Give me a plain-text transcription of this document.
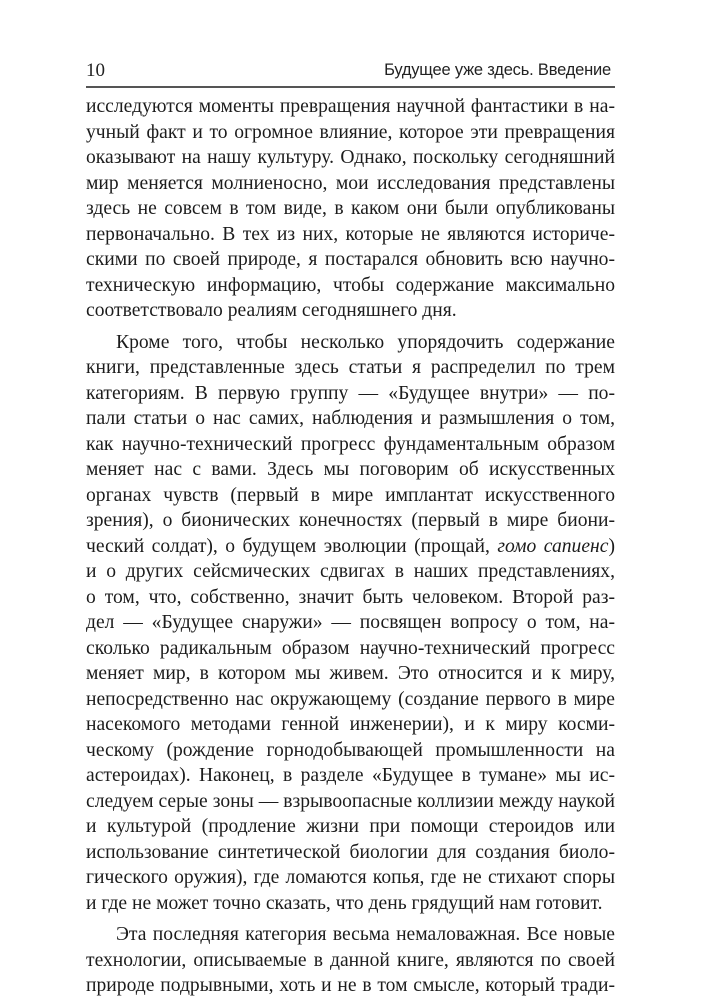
10	Будущее уже здесь. Введение
исследуются моменты превращения научной фантастики в на-
учный факт и то огромное влияние, которое эти превращения
оказывают на нашу культуру. Однако, поскольку сегодняшний
мир меняется молниеносно, мои исследования представлены
здесь не совсем в том виде, в каком они были опубликованы
первоначально. В тех из них, которые не являются историче-
скими по своей природе, я постарался обновить всю научно-
техническую информацию, чтобы содержание максимально
соответствовало реалиям сегодняшнего дня.
Кроме того, чтобы несколько упорядочить содержание
книги, представленные здесь статьи я распределил по трем
категориям. В первую группу — «Будущее внутри» — по-
пали статьи о нас самих, наблюдения и размышления о том,
как научно-технический прогресс фундаментальным образом
меняет нас с вами. Здесь мы поговорим об искусственных
органах чувств (первый в мире имплантат искусственного
зрения), о бионических конечностях (первый в мире биони-
ческий солдат), о будущем эволюции (прощай, гомо сапиенс)
и о других сейсмических сдвигах в наших представлениях,
о том, что, собственно, значит быть человеком. Второй раз-
дел — «Будущее снаружи» — посвящен вопросу о том, на-
сколько радикальным образом научно-технический прогресс
меняет мир, в котором мы живем. Это относится и к миру,
непосредственно нас окружающему (создание первого в мире
насекомого методами генной инженерии), и к миру косми-
ческому (рождение горнодобывающей промышленности на
астероидах). Наконец, в разделе «Будущее в тумане» мы ис-
следуем серые зоны — взрывоопасные коллизии между наукой
и культурой (продление жизни при помощи стероидов или
использование синтетической биологии для создания биоло-
гического оружия), где ломаются копья, где не стихают споры
и где не может точно сказать, что день грядущий нам готовит.
Эта последняя категория весьма немаловажная. Все новые
технологии, описываемые в данной книге, являются по своей
природе подрывными, хоть и не в том смысле, который тради-
